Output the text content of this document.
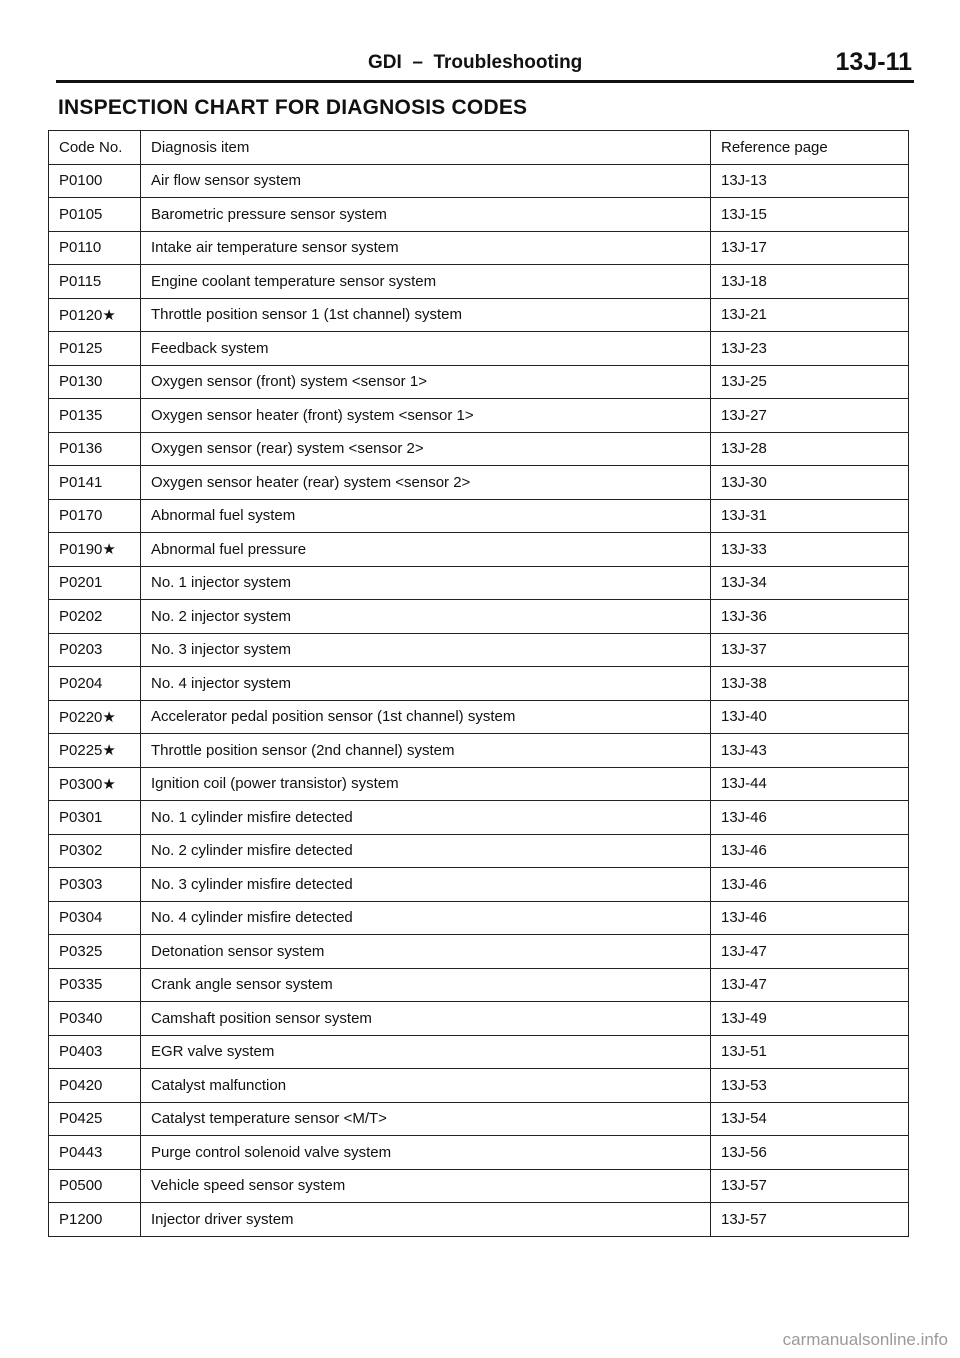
GDI  –  Troubleshooting	13J-11
INSPECTION CHART FOR DIAGNOSIS CODES
Code No.	Diagnosis item	Reference page
P0100	Air flow sensor system	13J-13
P0105	Barometric pressure sensor system	13J-15
P0110	Intake air temperature sensor system	13J-17
P0115	Engine coolant temperature sensor system	13J-18
P0120★	Throttle position sensor 1 (1st channel) system	13J-21
P0125	Feedback system	13J-23
P0130	Oxygen sensor (front) system <sensor 1>	13J-25
P0135	Oxygen sensor heater (front) system <sensor 1>	13J-27
P0136	Oxygen sensor (rear) system <sensor 2>	13J-28
P0141	Oxygen sensor heater (rear) system <sensor 2>	13J-30
P0170	Abnormal fuel system	13J-31
P0190★	Abnormal fuel pressure	13J-33
P0201	No. 1 injector system	13J-34
P0202	No. 2 injector system	13J-36
P0203	No. 3 injector system	13J-37
P0204	No. 4 injector system	13J-38
P0220★	Accelerator pedal position sensor (1st channel) system	13J-40
P0225★	Throttle position sensor (2nd channel) system	13J-43
P0300★	Ignition coil (power transistor) system	13J-44
P0301	No. 1 cylinder misfire detected	13J-46
P0302	No. 2 cylinder misfire detected	13J-46
P0303	No. 3 cylinder misfire detected	13J-46
P0304	No. 4 cylinder misfire detected	13J-46
P0325	Detonation sensor system	13J-47
P0335	Crank angle sensor system	13J-47
P0340	Camshaft position sensor system	13J-49
P0403	EGR valve system	13J-51
P0420	Catalyst malfunction	13J-53
P0425	Catalyst temperature sensor <M/T>	13J-54
P0443	Purge control solenoid valve system	13J-56
P0500	Vehicle speed sensor system	13J-57
P1200	Injector driver system	13J-57
carmanualsonline.info
